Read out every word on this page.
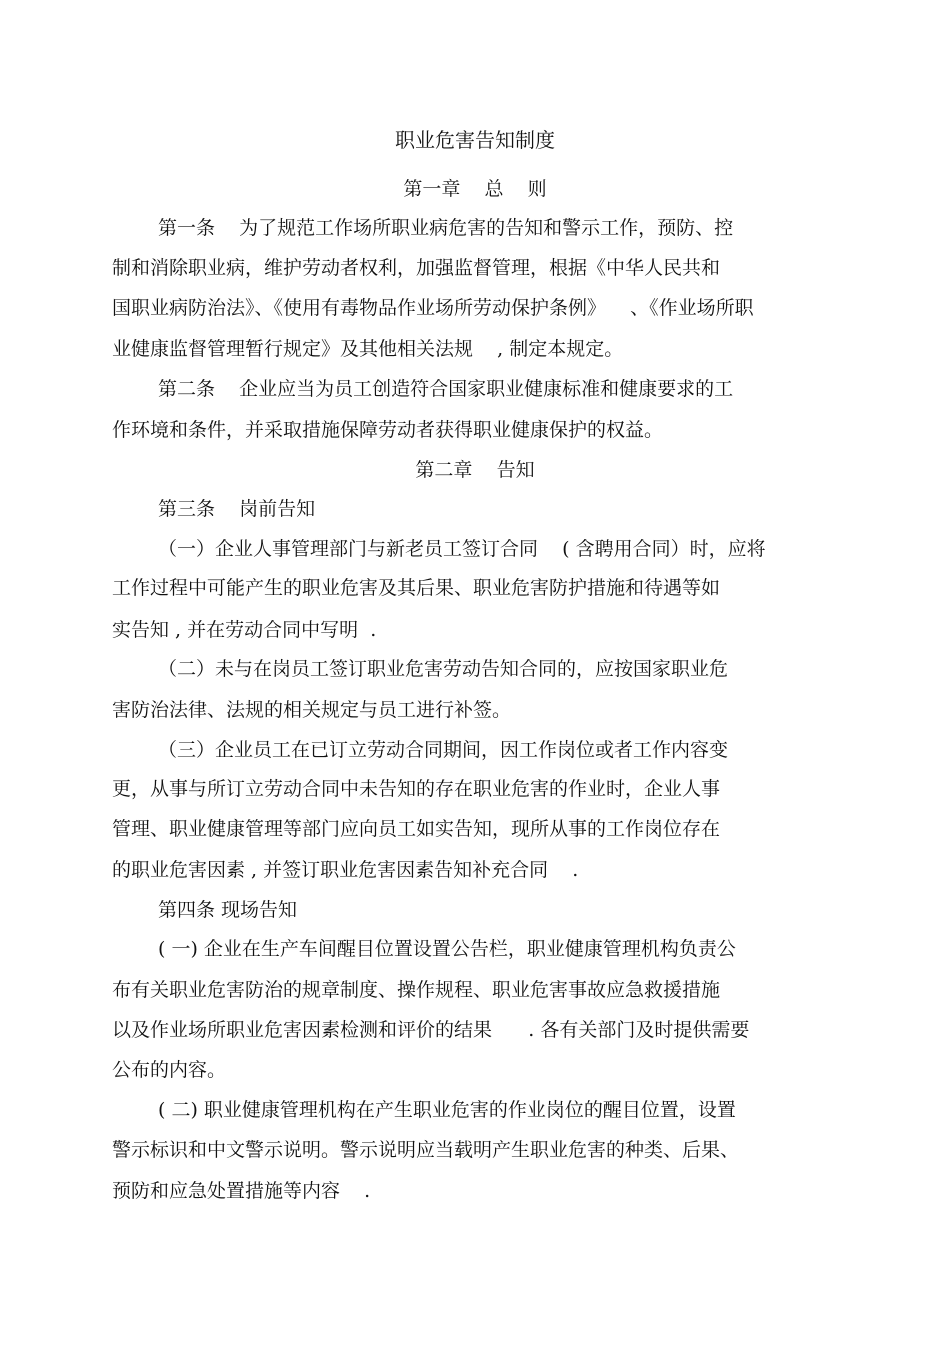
职业危害告知制度
第一章    总    则
第一条    为了规范工作场所职业病危害的告知和警示工作，预防、控
制和消除职业病，维护劳动者权利，加强监督管理，根据《中华人民共和
国职业病防治法》、《使用有毒物品作业场所劳动保护条例》    、《作业场所职
业健康监督管理暂行规定》及其他相关法规    , 制定本规定。
第二条    企业应当为员工创造符合国家职业健康标准和健康要求的工
作环境和条件，并采取措施保障劳动者获得职业健康保护的权益。
第二章    告知
第三条    岗前告知
（一）企业人事管理部门与新老员工签订合同    ( 含聘用合同）时，应将
工作过程中可能产生的职业危害及其后果、职业危害防护措施和待遇等如
实告知 , 并在劳动合同中写明  .
（二）未与在岗员工签订职业危害劳动告知合同的，应按国家职业危
害防治法律、法规的相关规定与员工进行补签。
（三）企业员工在已订立劳动合同期间，因工作岗位或者工作内容变
更，从事与所订立劳动合同中未告知的存在职业危害的作业时，企业人事
管理、职业健康管理等部门应向员工如实告知，现所从事的工作岗位存在
的职业危害因素 , 并签订职业危害因素告知补充合同    .
第四条 现场告知
( 一) 企业在生产车间醒目位置设置公告栏，职业健康管理机构负责公
布有关职业危害防治的规章制度、操作规程、职业危害事故应急救援措施
以及作业场所职业危害因素检测和评价的结果      . 各有关部门及时提供需要
公布的内容。
( 二) 职业健康管理机构在产生职业危害的作业岗位的醒目位置，设置
警示标识和中文警示说明。警示说明应当载明产生职业危害的种类、后果、
预防和应急处置措施等内容    .
